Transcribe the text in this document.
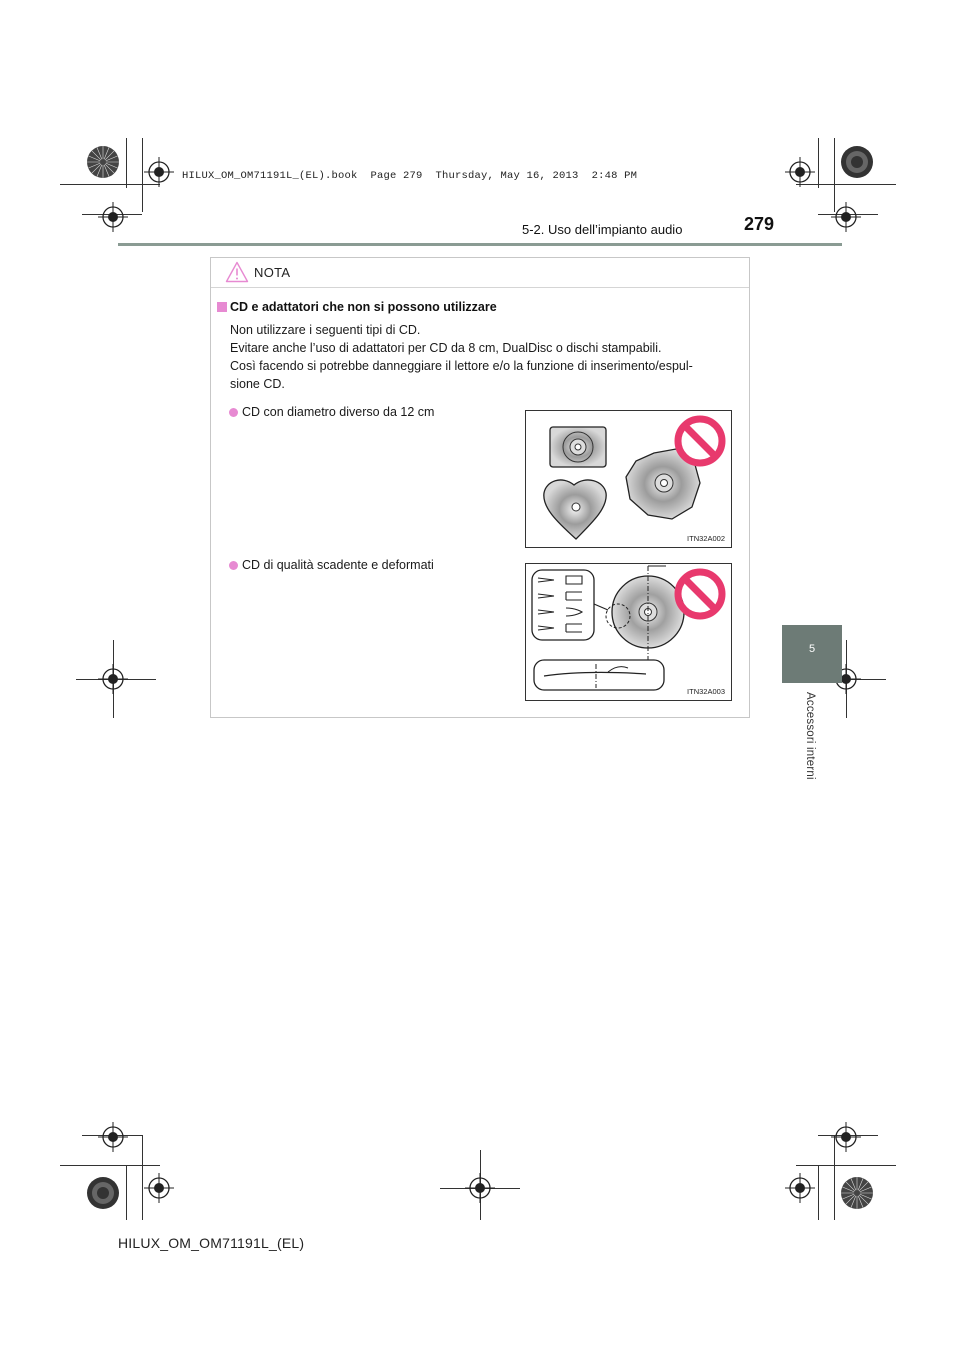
HILUX_OM_OM71191L_(EL).book  Page 279  Thursday, May 16, 2013  2:48 PM
5-2. Uso dell’impianto audio	279
5
Accessori interni
NOTA
CD e adattatori che non si possono utilizzare
Non utilizzare i seguenti tipi di CD.
Evitare anche l’uso di adattatori per CD da 8 cm, DualDisc o dischi stampabili.
Così facendo si potrebbe danneggiare il lettore e/o la funzione di inserimento/espul-
sione CD.
CD con diametro diverso da 12 cm
ITN32A002
CD di qualità scadente e deformati
ITN32A003
HILUX_OM_OM71191L_(EL)
